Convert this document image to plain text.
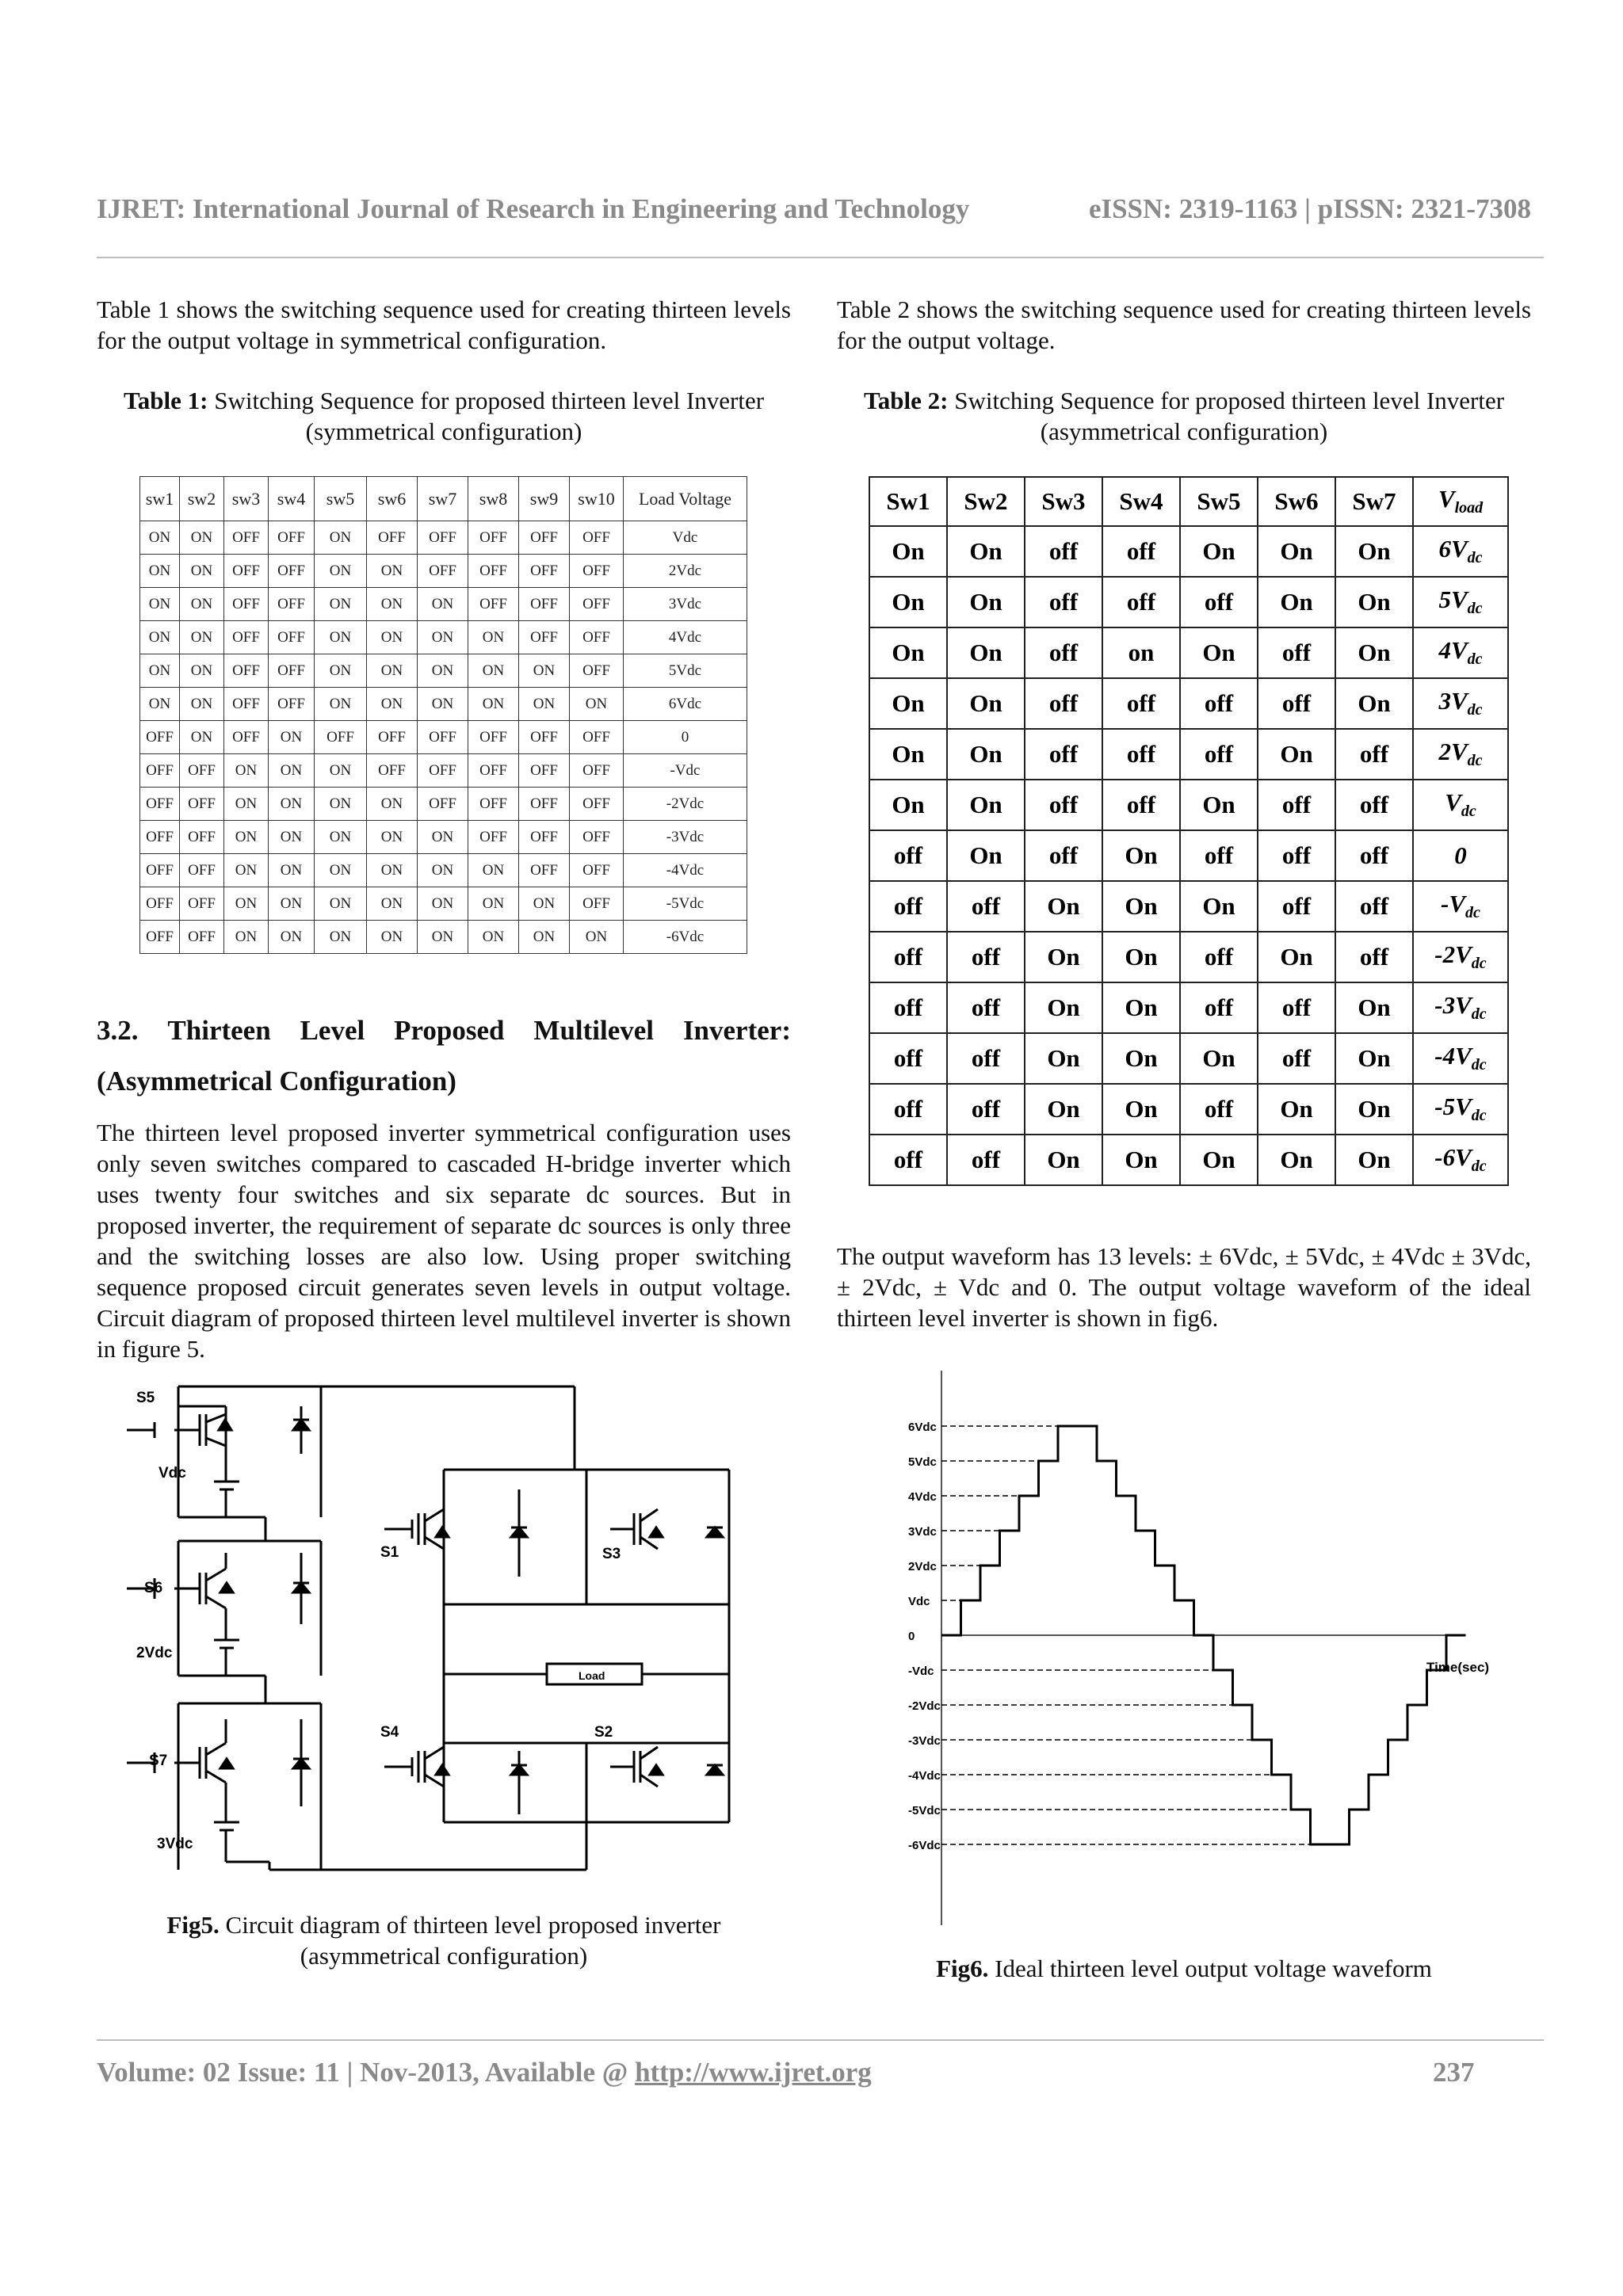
IJRET: International Journal of Research in Engineering and Technology	eISSN: 2319-1163 | pISSN: 2321-7308
Table 1 shows the switching sequence used for creating thirteen levels for the output voltage in symmetrical configuration.
Table 1: Switching Sequence for proposed thirteen level Inverter (symmetrical configuration)
sw1	sw2	sw3	sw4	sw5	sw6	sw7	sw8	sw9	sw10	Load Voltage
ON	ON	OFF	OFF	ON	OFF	OFF	OFF	OFF	OFF	Vdc
ON	ON	OFF	OFF	ON	ON	OFF	OFF	OFF	OFF	2Vdc
ON	ON	OFF	OFF	ON	ON	ON	OFF	OFF	OFF	3Vdc
ON	ON	OFF	OFF	ON	ON	ON	ON	OFF	OFF	4Vdc
ON	ON	OFF	OFF	ON	ON	ON	ON	ON	OFF	5Vdc
ON	ON	OFF	OFF	ON	ON	ON	ON	ON	ON	6Vdc
OFF	ON	OFF	ON	OFF	OFF	OFF	OFF	OFF	OFF	0
OFF	OFF	ON	ON	ON	OFF	OFF	OFF	OFF	OFF	-Vdc
OFF	OFF	ON	ON	ON	ON	OFF	OFF	OFF	OFF	-2Vdc
OFF	OFF	ON	ON	ON	ON	ON	OFF	OFF	OFF	-3Vdc
OFF	OFF	ON	ON	ON	ON	ON	ON	OFF	OFF	-4Vdc
OFF	OFF	ON	ON	ON	ON	ON	ON	ON	OFF	-5Vdc
OFF	OFF	ON	ON	ON	ON	ON	ON	ON	ON	-6Vdc
3.2. Thirteen Level Proposed Multilevel Inverter:
(Asymmetrical Configuration)
The thirteen level proposed inverter symmetrical configuration uses only seven switches compared to cascaded H-bridge inverter which uses twenty four switches and six separate dc sources. But in proposed inverter, the requirement of separate dc sources is only three and the switching losses are also low. Using proper switching sequence proposed circuit generates seven levels in output voltage. Circuit diagram of proposed thirteen level multilevel inverter is shown in figure 5.
S5
Vdc
S6
2Vdc
S7
3Vdc
S1	S3
S4	S2
Load
Fig5. Circuit diagram of thirteen level proposed inverter (asymmetrical configuration)
Table 2 shows the switching sequence used for creating thirteen levels for the output voltage.
Table 2: Switching Sequence for proposed thirteen level Inverter (asymmetrical configuration)
Sw1	Sw2	Sw3	Sw4	Sw5	Sw6	Sw7	$V_{load}$
On	On	off	off	On	On	On	$6V_{dc}$
On	On	off	off	off	On	On	$5V_{dc}$
On	On	off	on	On	off	On	$4V_{dc}$
On	On	off	off	off	off	On	$3V_{dc}$
On	On	off	off	off	On	off	$2V_{dc}$
On	On	off	off	On	off	off	$V_{dc}$
off	On	off	On	off	off	off	0
off	off	On	On	On	off	off	$-V_{dc}$
off	off	On	On	off	On	off	$-2V_{dc}$
off	off	On	On	off	off	On	$-3V_{dc}$
off	off	On	On	On	off	On	$-4V_{dc}$
off	off	On	On	off	On	On	$-5V_{dc}$
off	off	On	On	On	On	On	$-6V_{dc}$
The output waveform has 13 levels: ± 6Vdc, ± 5Vdc, ± 4Vdc ± 3Vdc, ± 2Vdc, ± Vdc and 0. The output voltage waveform of the ideal thirteen level inverter is shown in fig6.
6Vdc
5Vdc
4Vdc
3Vdc
2Vdc
Vdc
0
-Vdc
-2Vdc
-3Vdc
-4Vdc
-5Vdc
-6Vdc
Time(sec)
Fig6. Ideal thirteen level output voltage waveform
Volume: 02 Issue: 11 | Nov-2013, Available @ http://www.ijret.org	237
